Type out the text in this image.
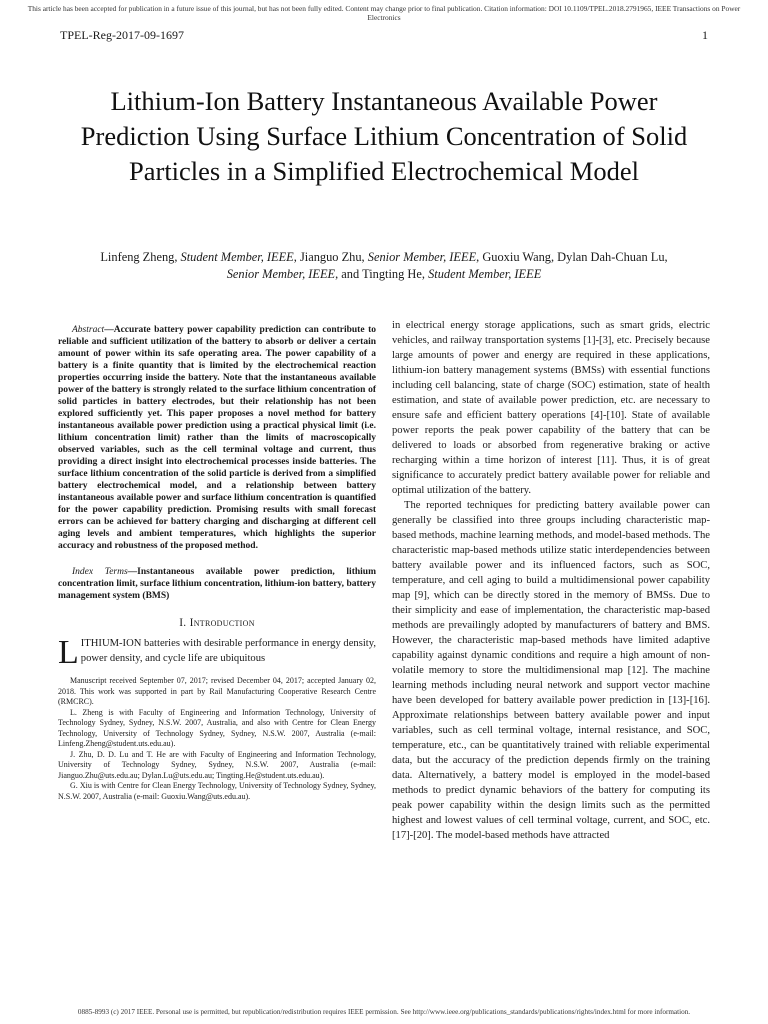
This article has been accepted for publication in a future issue of this journal, but has not been fully edited. Content may change prior to final publication. Citation information: DOI 10.1109/TPEL.2018.2791965, IEEE Transactions on Power Electronics
TPEL-Reg-2017-09-1697	1
Lithium-Ion Battery Instantaneous Available Power Prediction Using Surface Lithium Concentration of Solid Particles in a Simplified Electrochemical Model
Linfeng Zheng, Student Member, IEEE, Jianguo Zhu, Senior Member, IEEE, Guoxiu Wang, Dylan Dah-Chuan Lu, Senior Member, IEEE, and Tingting He, Student Member, IEEE

Abstract—Accurate battery power capability prediction can contribute to reliable and sufficient utilization of the battery to absorb or deliver a certain amount of power within its safe operating area. The power capability of a battery is a finite quantity that is limited by the electrochemical reaction properties occurring inside the battery. Note that the instantaneous available power of the battery is strongly related to the surface lithium concentration of solid particles in battery electrodes, but their relationship has not been explored sufficiently yet. This paper proposes a novel method for battery instantaneous available power prediction using a practical physical limit (i.e. lithium concentration limit) rather than the limits of macroscopically observed variables, such as the cell terminal voltage and current, thus providing a direct insight into electrochemical processes inside batteries. The surface lithium concentration of the solid particle is derived from a simplified battery electrochemical model, and a relationship between battery instantaneous available power and surface lithium concentration is quantified for the power capability prediction. Promising results with small forecast errors can be achieved for battery charging and discharging at different cell aging levels and ambient temperatures, which highlights the superior accuracy and robustness of the proposed method.

Index Terms—Instantaneous available power prediction, lithium concentration limit, surface lithium concentration, lithium-ion battery, battery management system (BMS)

I. Introduction

LITHIUM-ION batteries with desirable performance in energy density, power density, and cycle life are ubiquitous

Manuscript received September 07, 2017; revised December 04, 2017; accepted January 02, 2018. This work was supported in part by Rail Manufacturing Cooperative Research Centre (RMCRC).

L. Zheng is with Faculty of Engineering and Information Technology, University of Technology Sydney, Sydney, N.S.W. 2007, Australia, and also with Centre for Clean Energy Technology, University of Technology Sydney, Sydney, N.S.W. 2007, Australia (e-mail: Linfeng.Zheng@student.uts.edu.au).

J. Zhu, D. D. Lu and T. He are with Faculty of Engineering and Information Technology, University of Technology Sydney, Sydney, N.S.W. 2007, Australia (e-mail: Jianguo.Zhu@uts.edu.au; Dylan.Lu@uts.edu.au; Tingting.He@student.uts.edu.au).

G. Xiu is with Centre for Clean Energy Technology, University of Technology Sydney, Sydney, N.S.W. 2007, Australia (e-mail: Guoxiu.Wang@uts.edu.au).

in electrical energy storage applications, such as smart grids, electric vehicles, and railway transportation systems [1]-[3], etc. Precisely because large amounts of power and energy are required in these applications, lithium-ion battery management systems (BMSs) with essential functions including cell balancing, state of charge (SOC) estimation, state of health estimation, and state of available power prediction, etc. are necessary to ensure safe and efficient battery operations [4]-[10]. State of available power reports the peak power capability of the battery that can be delivered to loads or absorbed from regenerative braking or active recharging within a time horizon of interest [11]. Thus, it is of great significance to accurately predict battery available power for reliable and optimal utilization of the battery.

The reported techniques for predicting battery available power can generally be classified into three groups including characteristic map-based methods, machine learning methods, and model-based methods. The characteristic map-based methods utilize static interdependencies between battery available power and its influenced factors, such as SOC, temperature, and cell aging to build a multidimensional power capability map [9], which can be directly stored in the memory of BMSs. Due to their simplicity and ease of implementation, the characteristic map-based methods are prevailingly adopted by manufacturers of battery and BMS. However, the characteristic map-based methods have limited adaptive capability against dynamic conditions and require a high amount of non-volatile memory to store the multidimensional map [12]. The machine learning methods including neural network and support vector machine have been developed for battery available power prediction in [13]-[16]. Approximate relationships between battery available power and input variables, such as cell terminal voltage, internal resistance, and SOC, temperature, etc., can be quantitatively trained with reliable experimental data, but the accuracy of the prediction depends firmly on the training data. Alternatively, a battery model is employed in the model-based methods to predict dynamic behaviors of the battery for computing its peak power capability within the design limits such as the permitted highest and lowest values of cell terminal voltage, current, and SOC, etc. [17]-[20]. The model-based methods have attracted

0885-8993 (c) 2017 IEEE. Personal use is permitted, but republication/redistribution requires IEEE permission. See http://www.ieee.org/publications_standards/publications/rights/index.html for more information.
